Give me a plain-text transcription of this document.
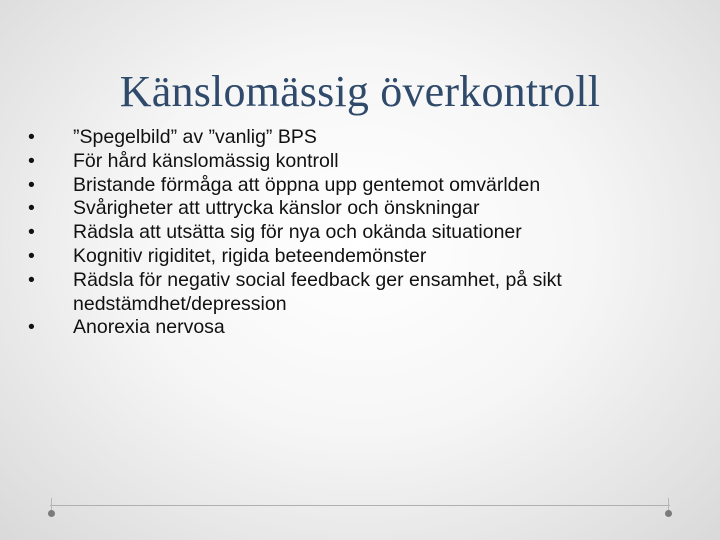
Känslomässig överkontroll
•	”Spegelbild” av ”vanlig” BPS
•	För hård känslomässig kontroll
•	Bristande förmåga att öppna upp gentemot omvärlden
•	Svårigheter att uttrycka känslor och önskningar
•	Rädsla att utsätta sig för nya och okända situationer
•	Kognitiv rigiditet, rigida beteendemönster
•	Rädsla för negativ social feedback ger ensamhet, på sikt nedstämdhet/depression
•	Anorexia nervosa
